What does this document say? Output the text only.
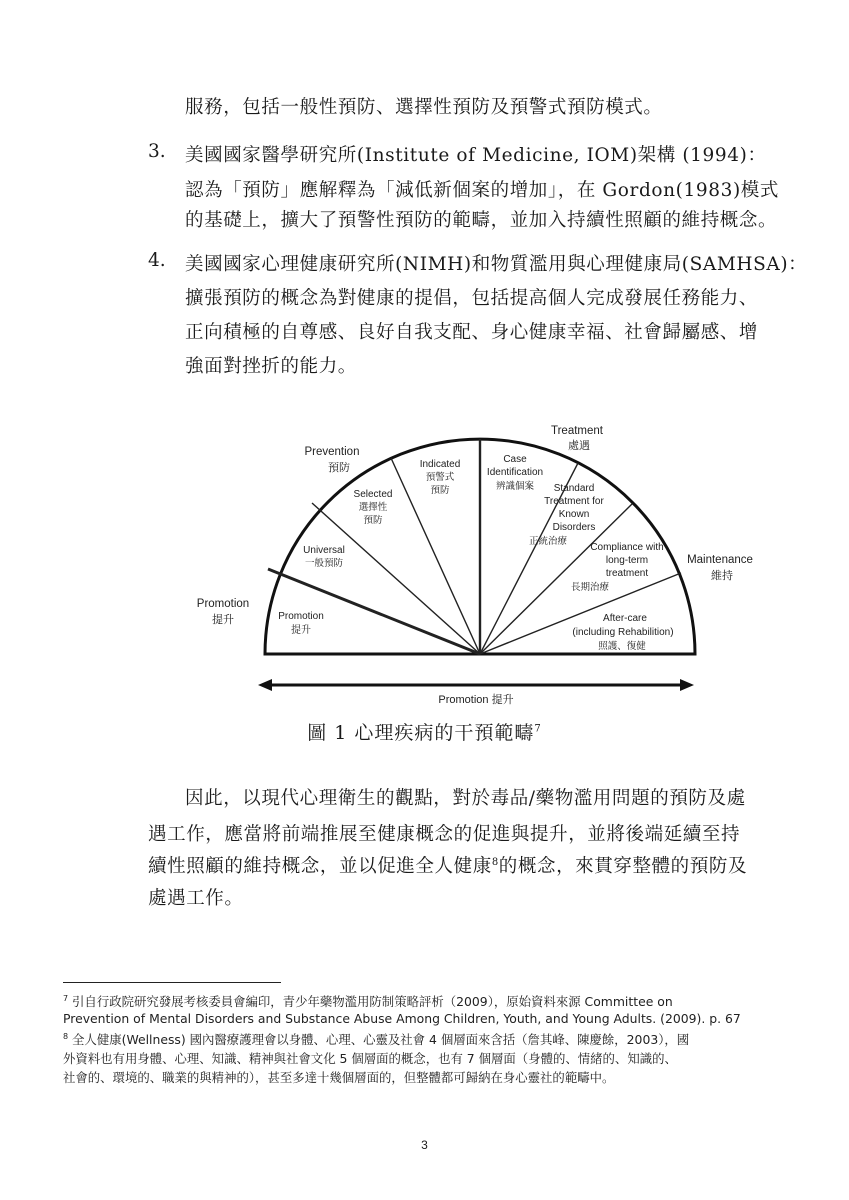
服務，包括一般性預防、選擇性預防及預警式預防模式。
3. 美國國家醫學研究所(Institute of Medicine, IOM)架構 (1994)：
認為「預防」應解釋為「減低新個案的增加」，在 Gordon(1983)模式
的基礎上，擴大了預警性預防的範疇，並加入持續性照顧的維持概念。
4. 美國國家心理健康研究所(NIMH)和物質濫用與心理健康局(SAMHSA)：
擴張預防的概念為對健康的提倡，包括提高個人完成發展任務能力、
正向積極的自尊感、良好自我支配、身心健康幸福、社會歸屬感、增
強面對挫折的能力。
Prevention
預防
Treatment
處遇
Maintenance
維持
Promotion
提升	Promotion
提升
Universal
一般預防
Selected
選擇性
預防
Indicated
預警式
預防
Case
Identification
辨識個案 Standard
Treatment for
Known
Disorders
正統治療
Compliance with
long-term
treatment
長期治療
After-care
(including Rehabilition)
照護、復健
Promotion 提升
圖 1 心理疾病的干預範疇$^7$
因此，以現代心理衛生的觀點，對於毒品/藥物濫用問題的預防及處
遇工作，應當將前端推展至健康概念的促進與提升，並將後端延續至持
續性照顧的維持概念，並以促進全人健康$^8$的概念，來貫穿整體的預防及
處遇工作。
$^7$ 引自行政院研究發展考核委員會編印，青少年藥物濫用防制策略評析（2009），原始資料來源 Committee on
Prevention of Mental Disorders and Substance Abuse Among Children, Youth, and Young Adults. (2009). p. 67
$^8$ 全人健康(Wellness) 國內醫療護理會以身體、心理、心靈及社會 4 個層面來含括（詹其峰、陳慶餘，2003），國
外資料也有用身體、心理、知識、精神與社會文化 5 個層面的概念，也有 7 個層面（身體的、情緒的、知識的、
社會的、環境的、職業的與精神的），甚至多達十幾個層面的，但整體都可歸納在身心靈社的範疇中。
3
